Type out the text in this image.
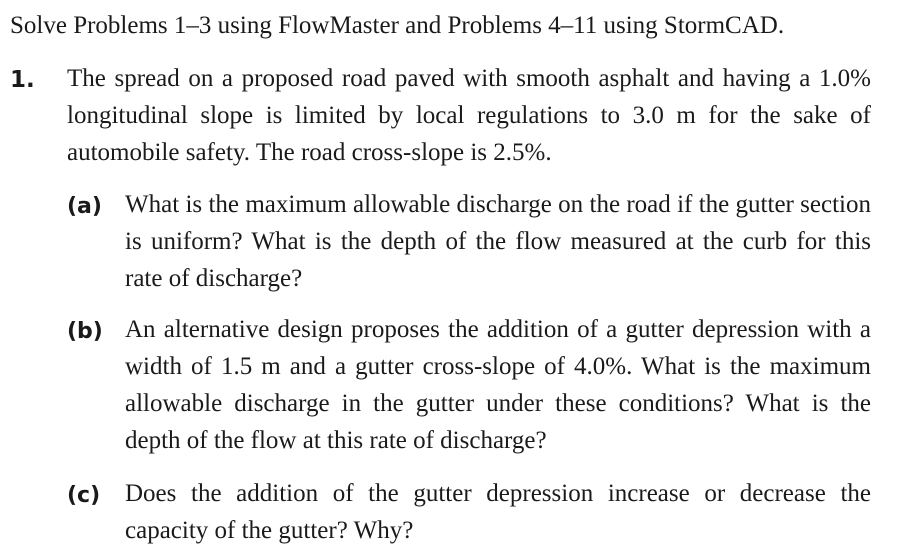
Solve Problems 1–3 using FlowMaster and Problems 4–11 using StormCAD.
1. The spread on a proposed road paved with smooth asphalt and having a 1.0% longitudinal slope is limited by local regulations to 3.0 m for the sake of automobile safety. The road cross-slope is 2.5%.
(a) What is the maximum allowable discharge on the road if the gutter section is uniform? What is the depth of the flow measured at the curb for this rate of discharge?
(b) An alternative design proposes the addition of a gutter depression with a width of 1.5 m and a gutter cross-slope of 4.0%. What is the maximum allowable discharge in the gutter under these conditions? What is the depth of the flow at this rate of discharge?
(c) Does the addition of the gutter depression increase or decrease the capacity of the gutter? Why?
